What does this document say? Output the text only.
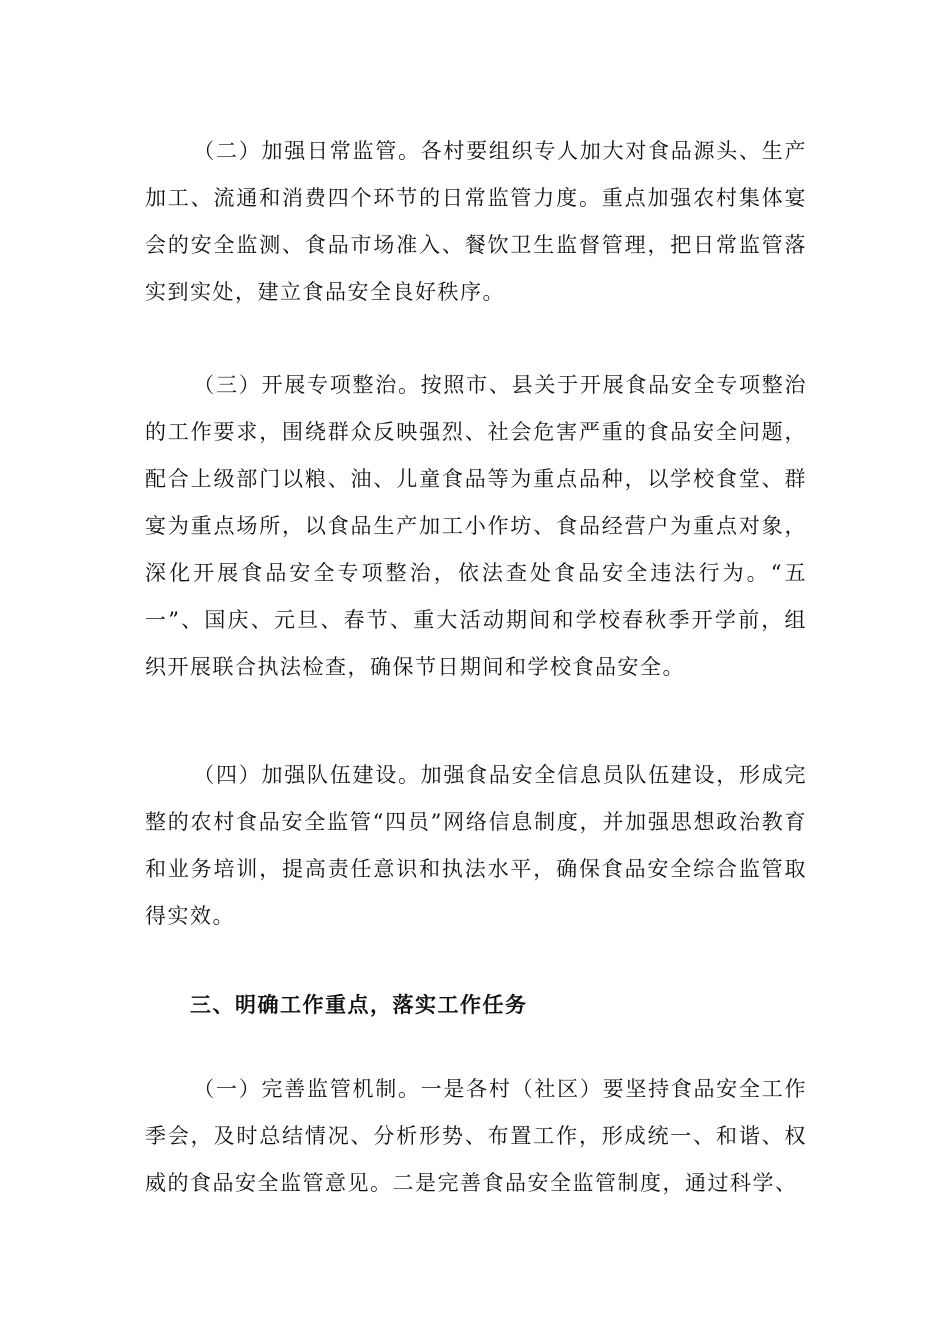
（二）加强日常监管。各村要组织专人加大对食品源头、生产加工、流通和消费四个环节的日常监管力度。重点加强农村集体宴会的安全监测、食品市场准入、餐饮卫生监督管理，把日常监管落实到实处，建立食品安全良好秩序。

（三）开展专项整治。按照市、县关于开展食品安全专项整治的工作要求，围绕群众反映强烈、社会危害严重的食品安全问题，配合上级部门以粮、油、儿童食品等为重点品种，以学校食堂、群宴为重点场所，以食品生产加工小作坊、食品经营户为重点对象，深化开展食品安全专项整治，依法查处食品安全违法行为。“五一”、国庆、元旦、春节、重大活动期间和学校春秋季开学前，组织开展联合执法检查，确保节日期间和学校食品安全。

（四）加强队伍建设。加强食品安全信息员队伍建设，形成完整的农村食品安全监管“四员”网络信息制度，并加强思想政治教育和业务培训，提高责任意识和执法水平，确保食品安全综合监管取得实效。

三、明确工作重点，落实工作任务

（一）完善监管机制。一是各村（社区）要坚持食品安全工作季会，及时总结情况、分析形势、布置工作，形成统一、和谐、权威的食品安全监管意见。二是完善食品安全监管制度，通过科学、
